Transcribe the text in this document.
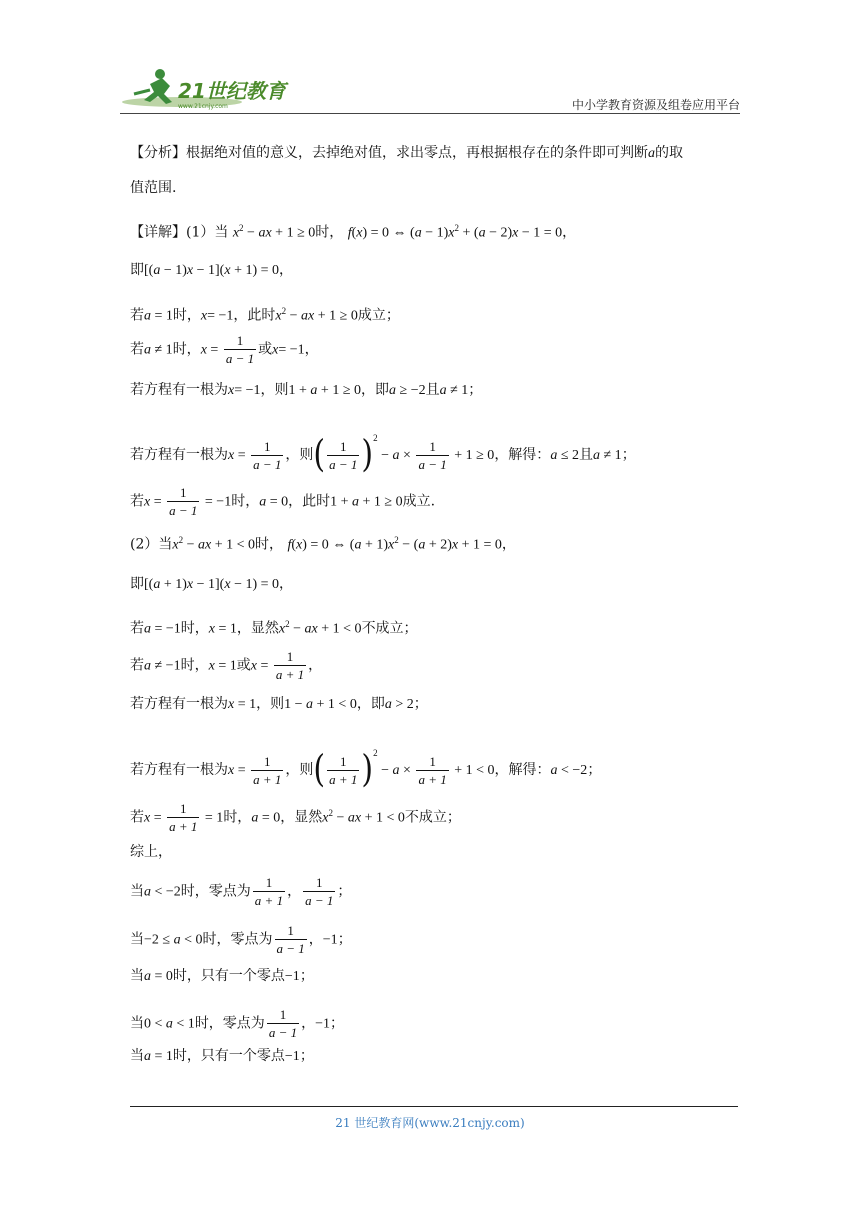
21世纪教育
www.21cnjy.com	中小学教育资源及组卷应用平台
【分析】根据绝对值的意义，去掉绝对值，求出零点，再根据根存在的条件即可判断a的取
值范围.
【详解】(1）当 $x^2$ − ax + 1 ≥ 0时， f(x) = 0 ⇔ $(a - 1)x^2 + (a - 2)x - 1 = 0$，
即[(a − 1)x − 1](x + 1) = 0，
若a = 1时，x= −1，此时$x^2$ − ax + 1 ≥ 0成立；
若a ≠ 1时，$x = \frac{1}{a - 1}$ 或x= −1，
若方程有一根为x= −1，则1 + a + 1 ≥ 0，即a ≥ −2且a ≠ 1；
若方程有一根为$x = \frac{1}{a - 1}$ ，则( $\frac{1}{a - 1} )^2 - a \times \frac{1}{a - 1} + 1 \ge 0$，解得：a ≤ 2且a ≠ 1；
若$x = \frac{1}{a - 1} = -1$时，a = 0，此时1 + a + 1 ≥ 0成立.
(2）当$x^2$ − ax + 1 < 0时， f(x) = 0 ⇔ $(a + 1)x^2 - (a + 2)x + 1 = 0$，
即[(a + 1)x − 1](x − 1) = 0，
若a = −1时，x = 1，显然$x^2$ − ax + 1 < 0不成立；
若a ≠ −1时，x = 1或$x = \frac{1}{a + 1}$ ，
若方程有一根为x = 1，则1 − a + 1 < 0，即a > 2；
若方程有一根为$x = \frac{1}{a + 1}$ ，则( $\frac{1}{a + 1} )^2 - a \times \frac{1}{a + 1} + 1 < 0$，解得：a < −2；
若$x = \frac{1}{a + 1} = 1$时，a = 0，显然$x^2$ − ax + 1 < 0不成立；
综上，
当a < −2时，零点为 $\frac{1}{a + 1}$ ， $\frac{1}{a - 1}$ ；
当−2 ≤ a < 0时，零点为 $\frac{1}{a - 1}$ ，−1；
当a = 0时，只有一个零点−1；
当0 < a < 1时，零点为 $\frac{1}{a - 1}$ ，−1；
当a = 1时，只有一个零点−1；
21 世纪教育网(www.21cnjy.com)
